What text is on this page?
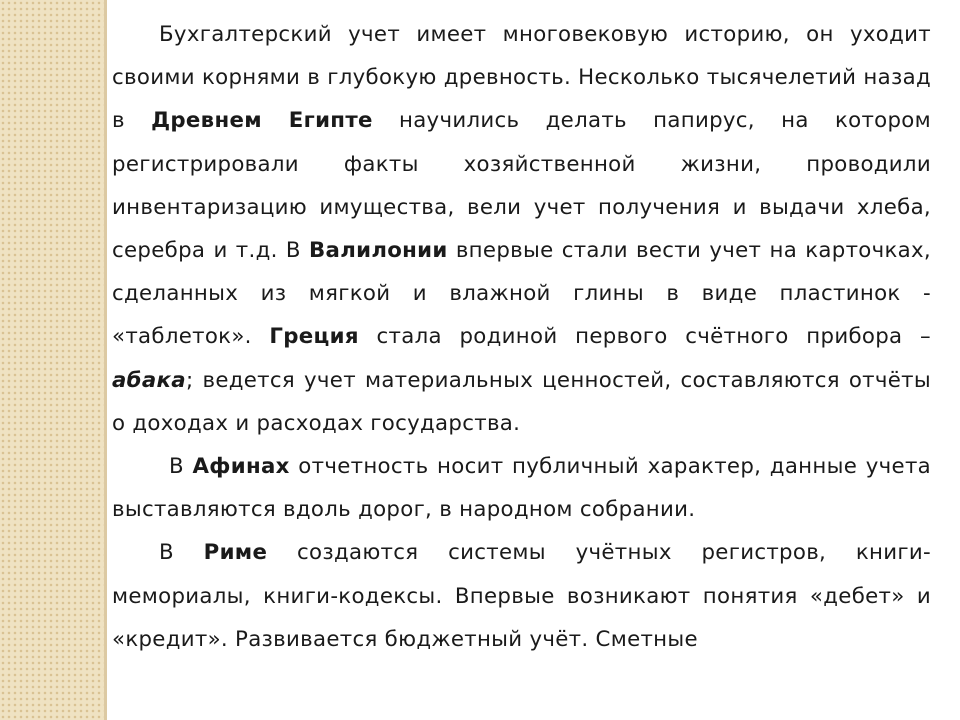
Бухгалтерский учет имеет многовековую историю, он уходит своими корнями в глубокую древность. Несколько тысячелетий назад в Древнем Египте научились делать папирус, на котором регистрировали факты хозяйственной жизни, проводили инвентаризацию имущества, вели учет получения и выдачи хлеба, серебра и т.д. В Валилонии впервые стали вести учет на карточках, сделанных из мягкой и влажной глины в виде пластинок - «таблеток». Греция стала родиной первого счётного прибора – абака; ведется учет материальных ценностей, составляются отчёты о доходах и расходах государства.

В Афинах отчетность носит публичный характер, данные учета выставляются вдоль дорог, в народном собрании.

В Риме создаются системы учётных регистров, книги-мемориалы, книги-кодексы. Впервые возникают понятия «дебет» и «кредит». Развивается бюджетный учёт. Сметные
